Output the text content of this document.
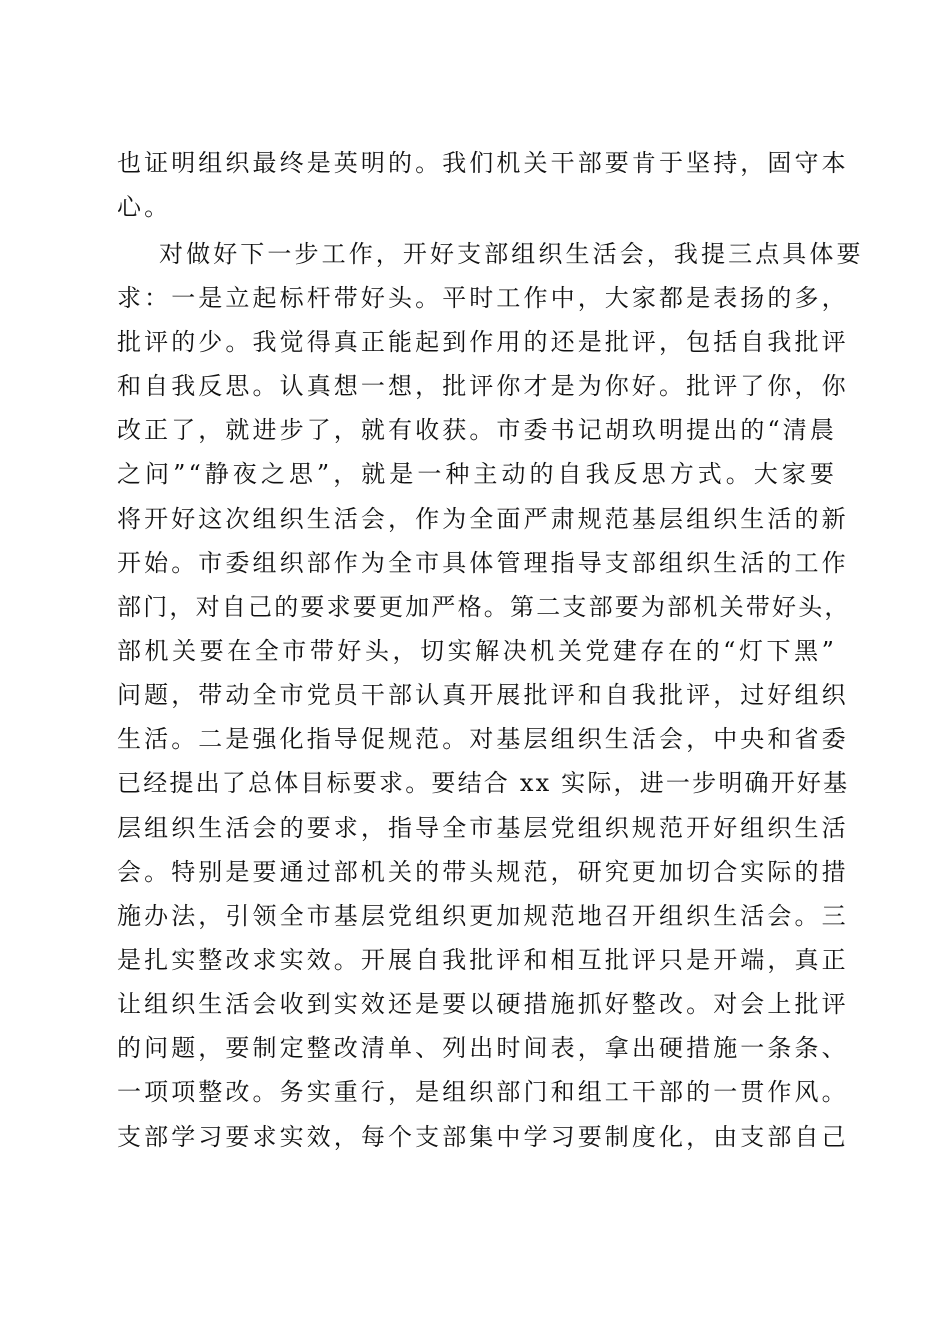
也证明组织最终是英明的。我们机关干部要肯于坚持，固守本
心。
对做好下一步工作，开好支部组织生活会，我提三点具体要
求：一是立起标杆带好头。平时工作中，大家都是表扬的多，
批评的少。我觉得真正能起到作用的还是批评，包括自我批评
和自我反思。认真想一想，批评你才是为你好。批评了你，你
改正了，就进步了，就有收获。市委书记胡玖明提出的“清晨
之问”“静夜之思”，就是一种主动的自我反思方式。大家要
将开好这次组织生活会，作为全面严肃规范基层组织生活的新
开始。市委组织部作为全市具体管理指导支部组织生活的工作
部门，对自己的要求要更加严格。第二支部要为部机关带好头，
部机关要在全市带好头，切实解决机关党建存在的“灯下黑”
问题，带动全市党员干部认真开展批评和自我批评，过好组织
生活。二是强化指导促规范。对基层组织生活会，中央和省委
已经提出了总体目标要求。要结合 xx 实际，进一步明确开好基
层组织生活会的要求，指导全市基层党组织规范开好组织生活
会。特别是要通过部机关的带头规范，研究更加切合实际的措
施办法，引领全市基层党组织更加规范地召开组织生活会。三
是扎实整改求实效。开展自我批评和相互批评只是开端，真正
让组织生活会收到实效还是要以硬措施抓好整改。对会上批评
的问题，要制定整改清单、列出时间表，拿出硬措施一条条、
一项项整改。务实重行，是组织部门和组工干部的一贯作风。
支部学习要求实效，每个支部集中学习要制度化，由支部自己
